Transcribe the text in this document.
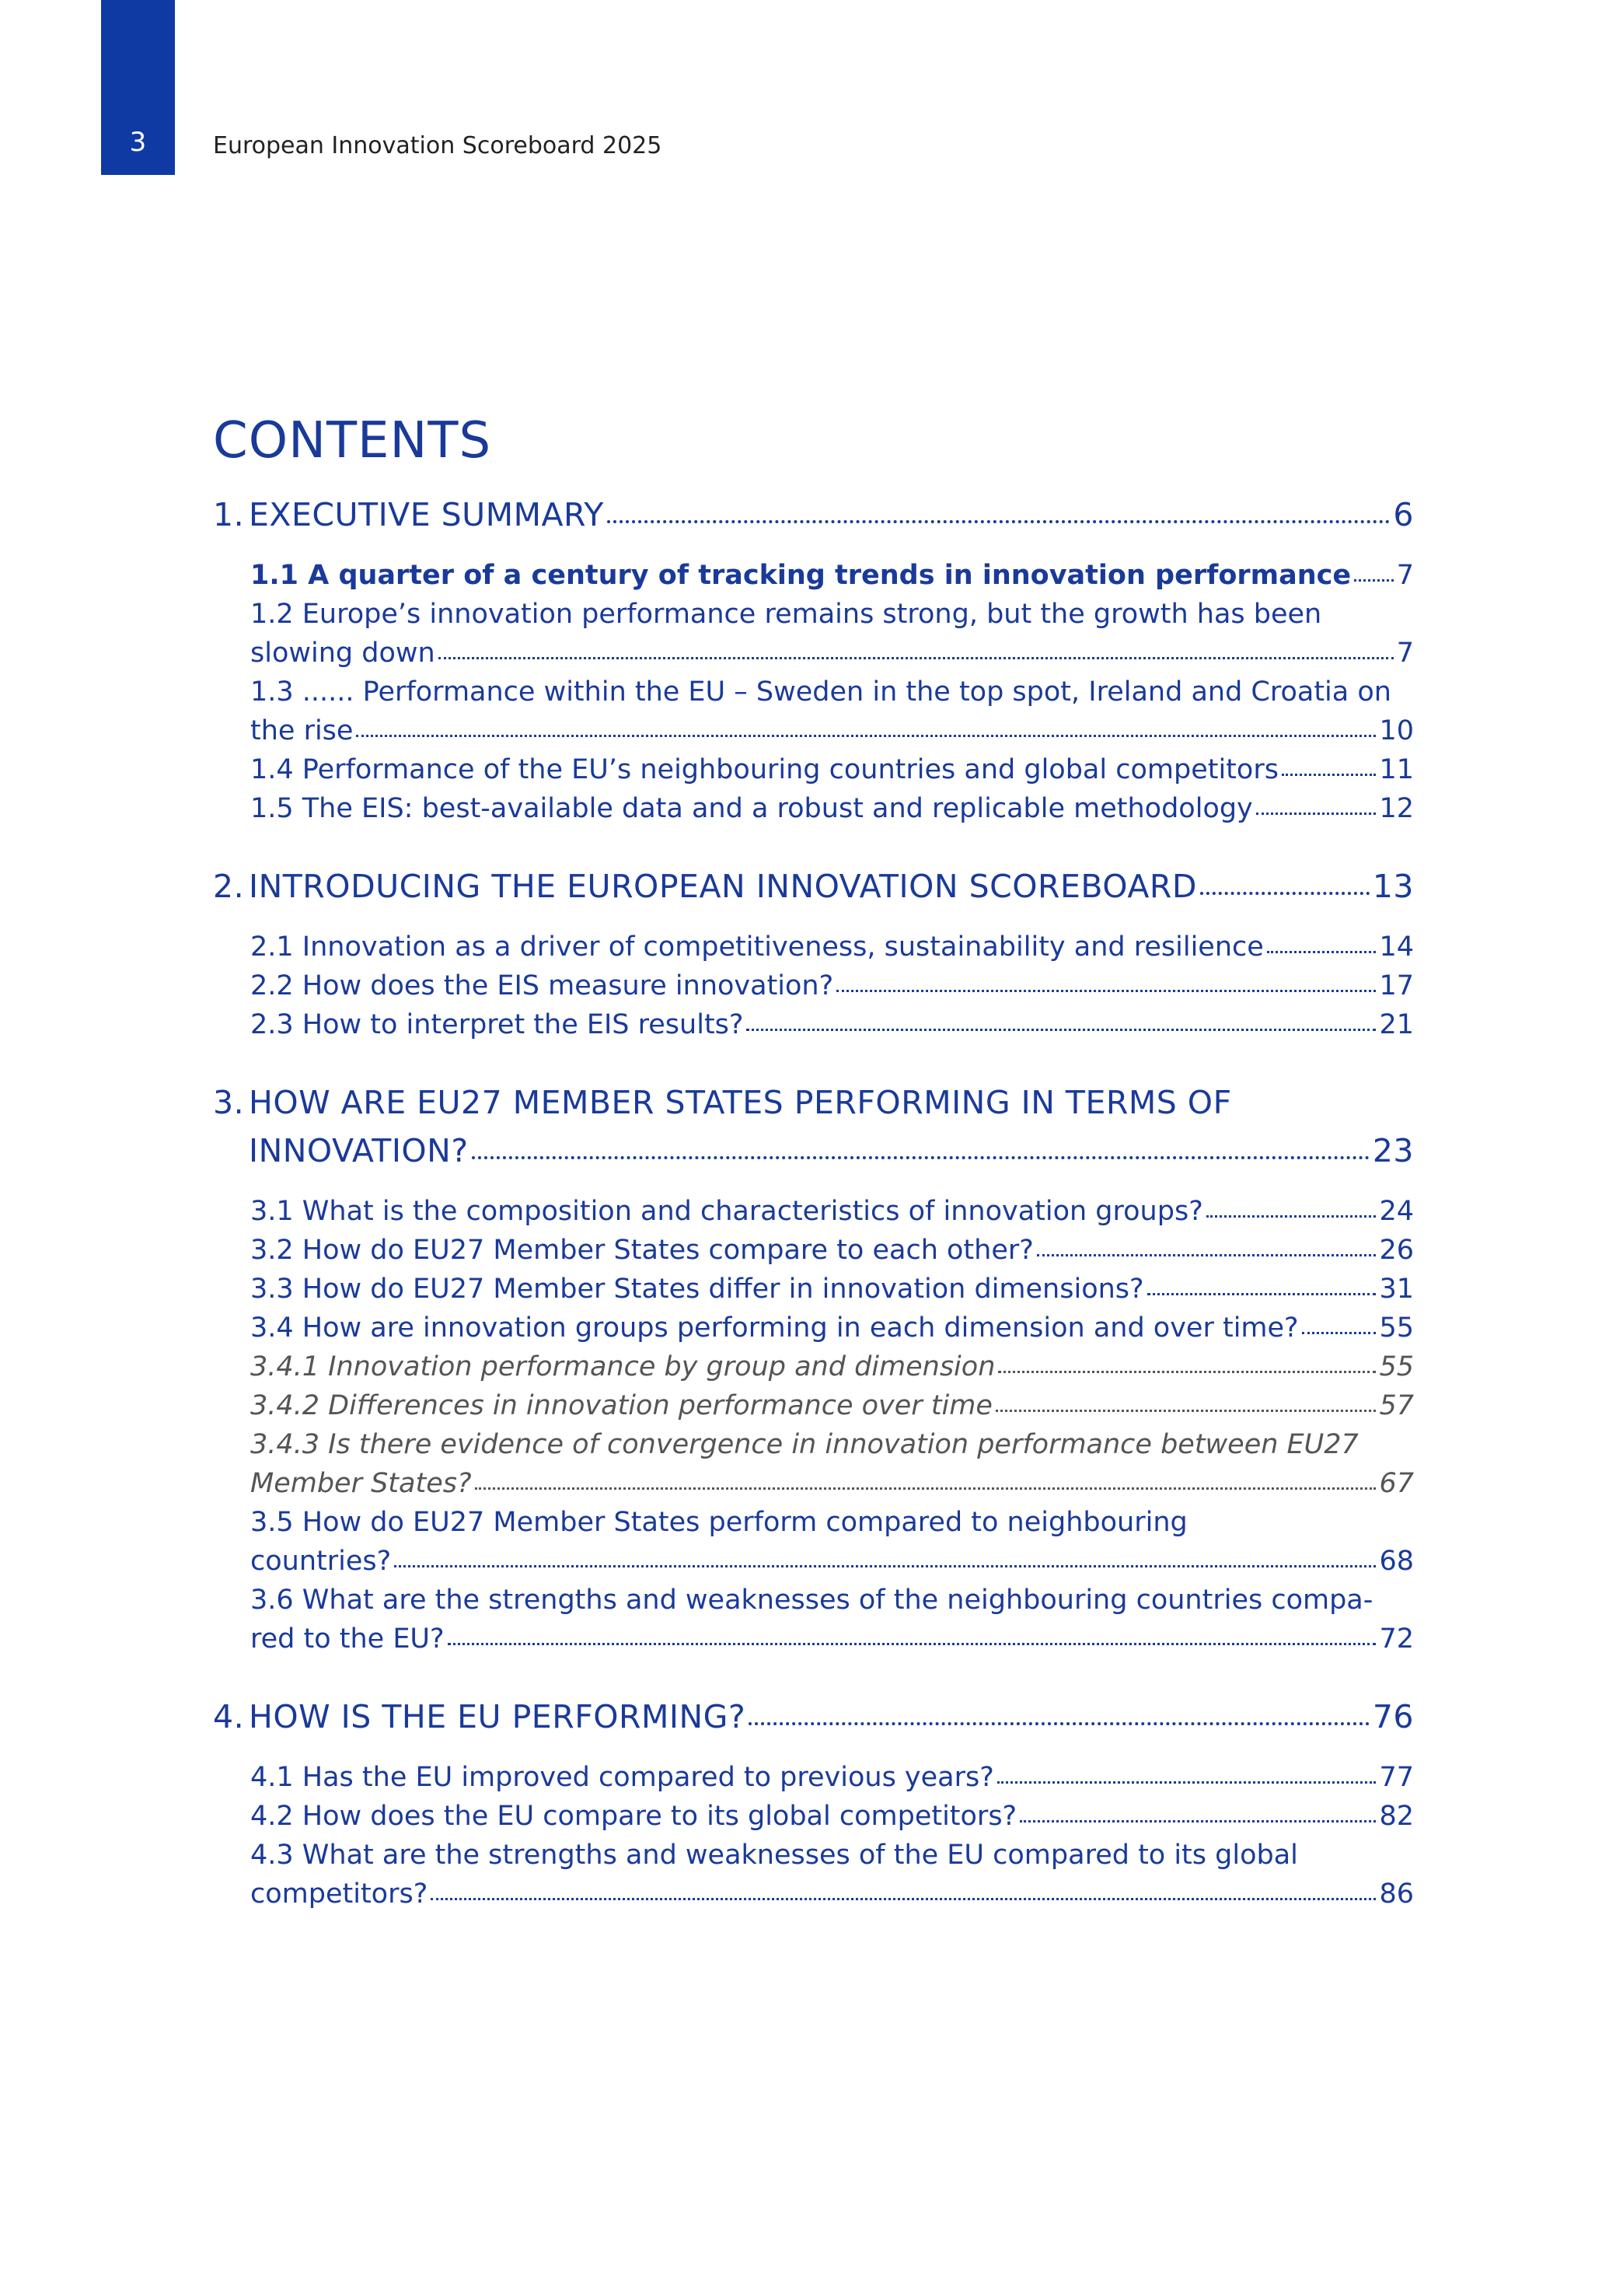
3	European Innovation Scoreboard 2025
CONTENTS
1. EXECUTIVE SUMMARY	6
1.1 A quarter of a century of tracking trends in innovation performance 7
1.2 Europe’s innovation performance remains strong, but the growth has been
slowing down	7
1.3 ...... Performance within the EU – Sweden in the top spot, Ireland and Croatia on
the rise	10
1.4 Performance of the EU’s neighbouring countries and global competitors	11
1.5 The EIS: best-available data and a robust and replicable methodology	12
2. INTRODUCING THE EUROPEAN INNOVATION SCOREBOARD	13
2.1 Innovation as a driver of competitiveness, sustainability and resilience	14
2.2 How does the EIS measure innovation?	17
2.3 How to interpret the EIS results?	21
3. HOW ARE EU27 MEMBER STATES PERFORMING IN TERMS OF
INNOVATION?	23
3.1 What is the composition and characteristics of innovation groups?	24
3.2 How do EU27 Member States compare to each other?	26
3.3 How do EU27 Member States differ in innovation dimensions?	31
3.4 How are innovation groups performing in each dimension and over time?	55
3.4.1 Innovation performance by group and dimension	55
3.4.2 Differences in innovation performance over time	57
3.4.3 Is there evidence of convergence in innovation performance between EU27
Member States?	67
3.5 How do EU27 Member States perform compared to neighbouring
countries?	68
3.6 What are the strengths and weaknesses of the neighbouring countries compa-
red to the EU?	72
4. HOW IS THE EU PERFORMING?	76
4.1 Has the EU improved compared to previous years?	77
4.2 How does the EU compare to its global competitors?	82
4.3 What are the strengths and weaknesses of the EU compared to its global
competitors?	86
